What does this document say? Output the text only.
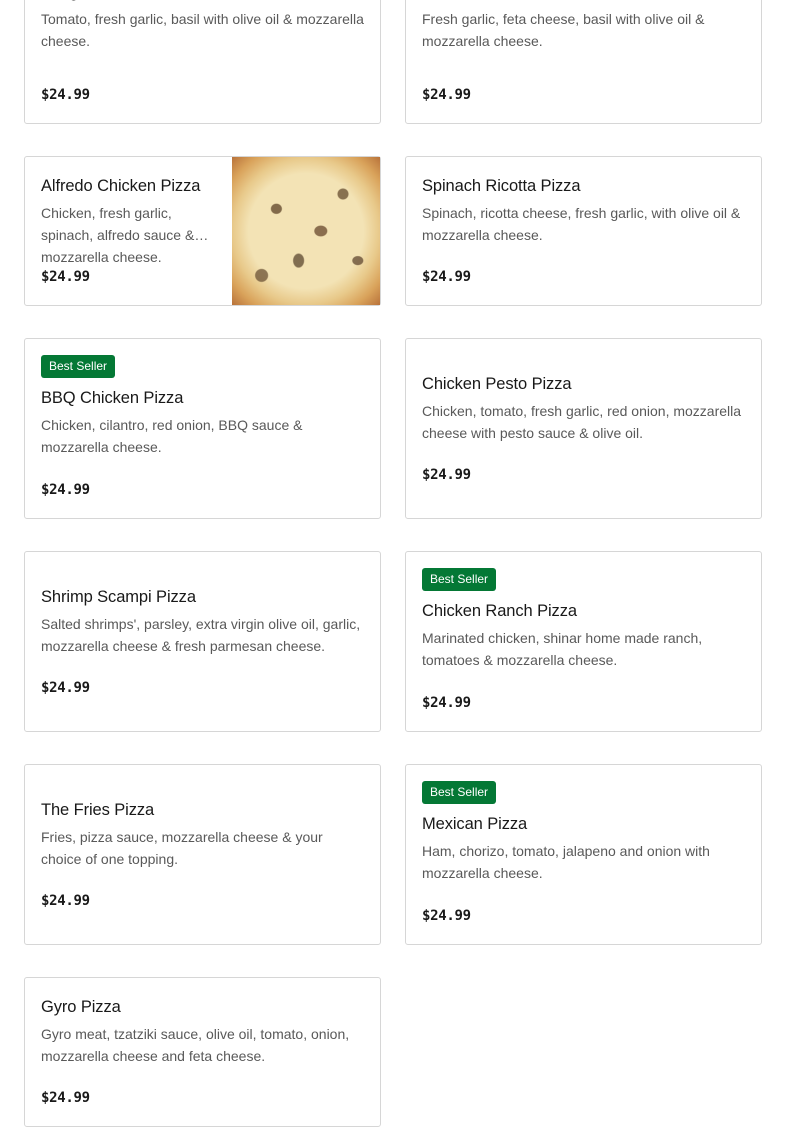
Tomato, fresh garlic, basil with olive oil & mozzarella cheese.
$24.99
Fresh garlic, feta cheese, basil with olive oil & mozzarella cheese.
$24.99
Alfredo Chicken Pizza
Chicken, fresh garlic, spinach, alfredo sauce & mozzarella cheese.
$24.99
Spinach Ricotta Pizza
Spinach, ricotta cheese, fresh garlic, with olive oil & mozzarella cheese.
$24.99
Best Seller
BBQ Chicken Pizza
Chicken, cilantro, red onion, BBQ sauce & mozzarella cheese.
$24.99
Chicken Pesto Pizza
Chicken, tomato, fresh garlic, red onion, mozzarella cheese with pesto sauce & olive oil.
$24.99
Shrimp Scampi Pizza
Salted shrimps', parsley, extra virgin olive oil, garlic, mozzarella cheese & fresh parmesan cheese.
$24.99
Best Seller
Chicken Ranch Pizza
Marinated chicken, shinar home made ranch, tomatoes & mozzarella cheese.
$24.99
The Fries Pizza
Fries, pizza sauce, mozzarella cheese & your choice of one topping.
$24.99
Best Seller
Mexican Pizza
Ham, chorizo, tomato, jalapeno and onion with mozzarella cheese.
$24.99
Gyro Pizza
Gyro meat, tzatziki sauce, olive oil, tomato, onion, mozzarella cheese and feta cheese.
$24.99
